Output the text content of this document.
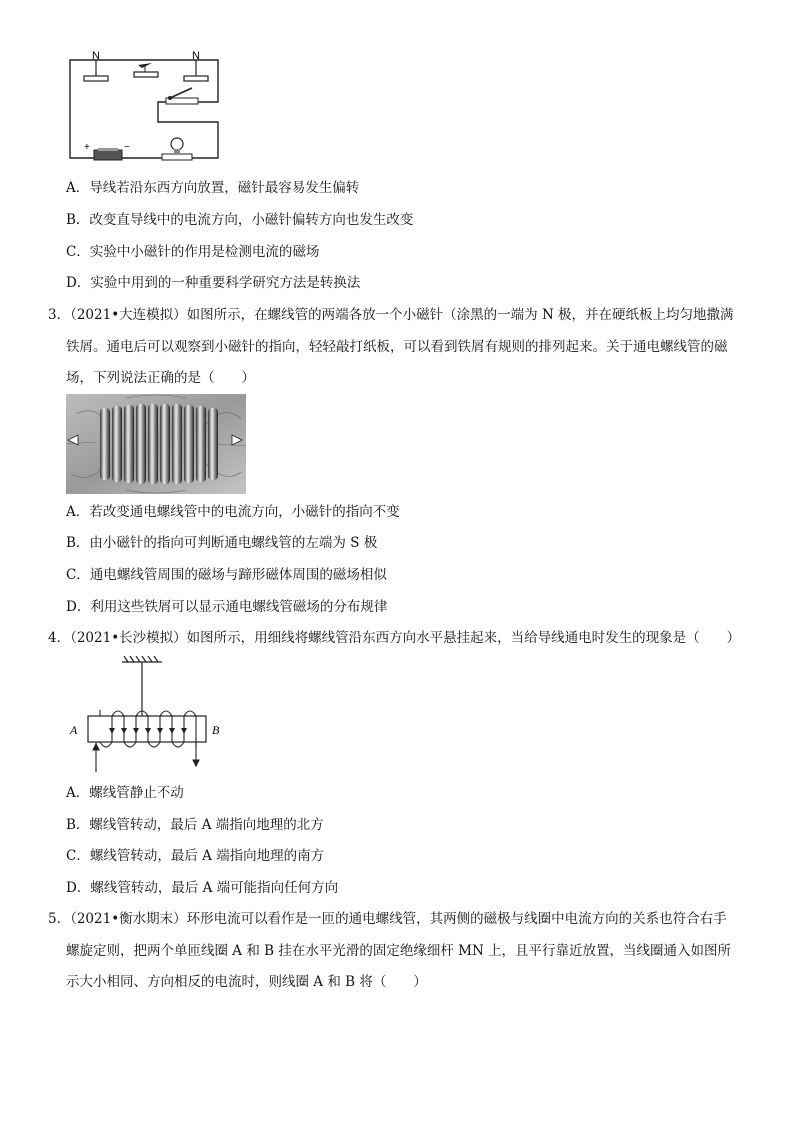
N	N
+	−
A．导线若沿东西方向放置，磁针最容易发生偏转
B．改变直导线中的电流方向，小磁针偏转方向也发生改变
C．实验中小磁针的作用是检测电流的磁场
D．实验中用到的一种重要科学研究方法是转换法
3．（2021•大连模拟）如图所示，在螺线管的两端各放一个小磁针（涂黑的一端为 N 极，并在硬纸板上均匀地撒满
铁屑。通电后可以观察到小磁针的指向，轻轻敲打纸板，可以看到铁屑有规则的排列起来。关于通电螺线管的磁
场，下列说法正确的是（　　）
A．若改变通电螺线管中的电流方向，小磁针的指向不变
B．由小磁针的指向可判断通电螺线管的左端为 S 极
C．通电螺线管周围的磁场与蹄形磁体周围的磁场相似
D．利用这些铁屑可以显示通电螺线管磁场的分布规律
4．（2021•长沙模拟）如图所示，用细线将螺线管沿东西方向水平悬挂起来，当给导线通电时发生的现象是（　　）
A	B
A．螺线管静止不动
B．螺线管转动，最后 A 端指向地理的北方
C．螺线管转动，最后 A 端指向地理的南方
D．螺线管转动，最后 A 端可能指向任何方向
5．（2021•衡水期末）环形电流可以看作是一匝的通电螺线管，其两侧的磁极与线圈中电流方向的关系也符合右手
螺旋定则，把两个单匝线圈 A 和 B 挂在水平光滑的固定绝缘细杆 MN 上，且平行靠近放置，当线圈通入如图所
示大小相同、方向相反的电流时，则线圈 A 和 B 将（　　）
